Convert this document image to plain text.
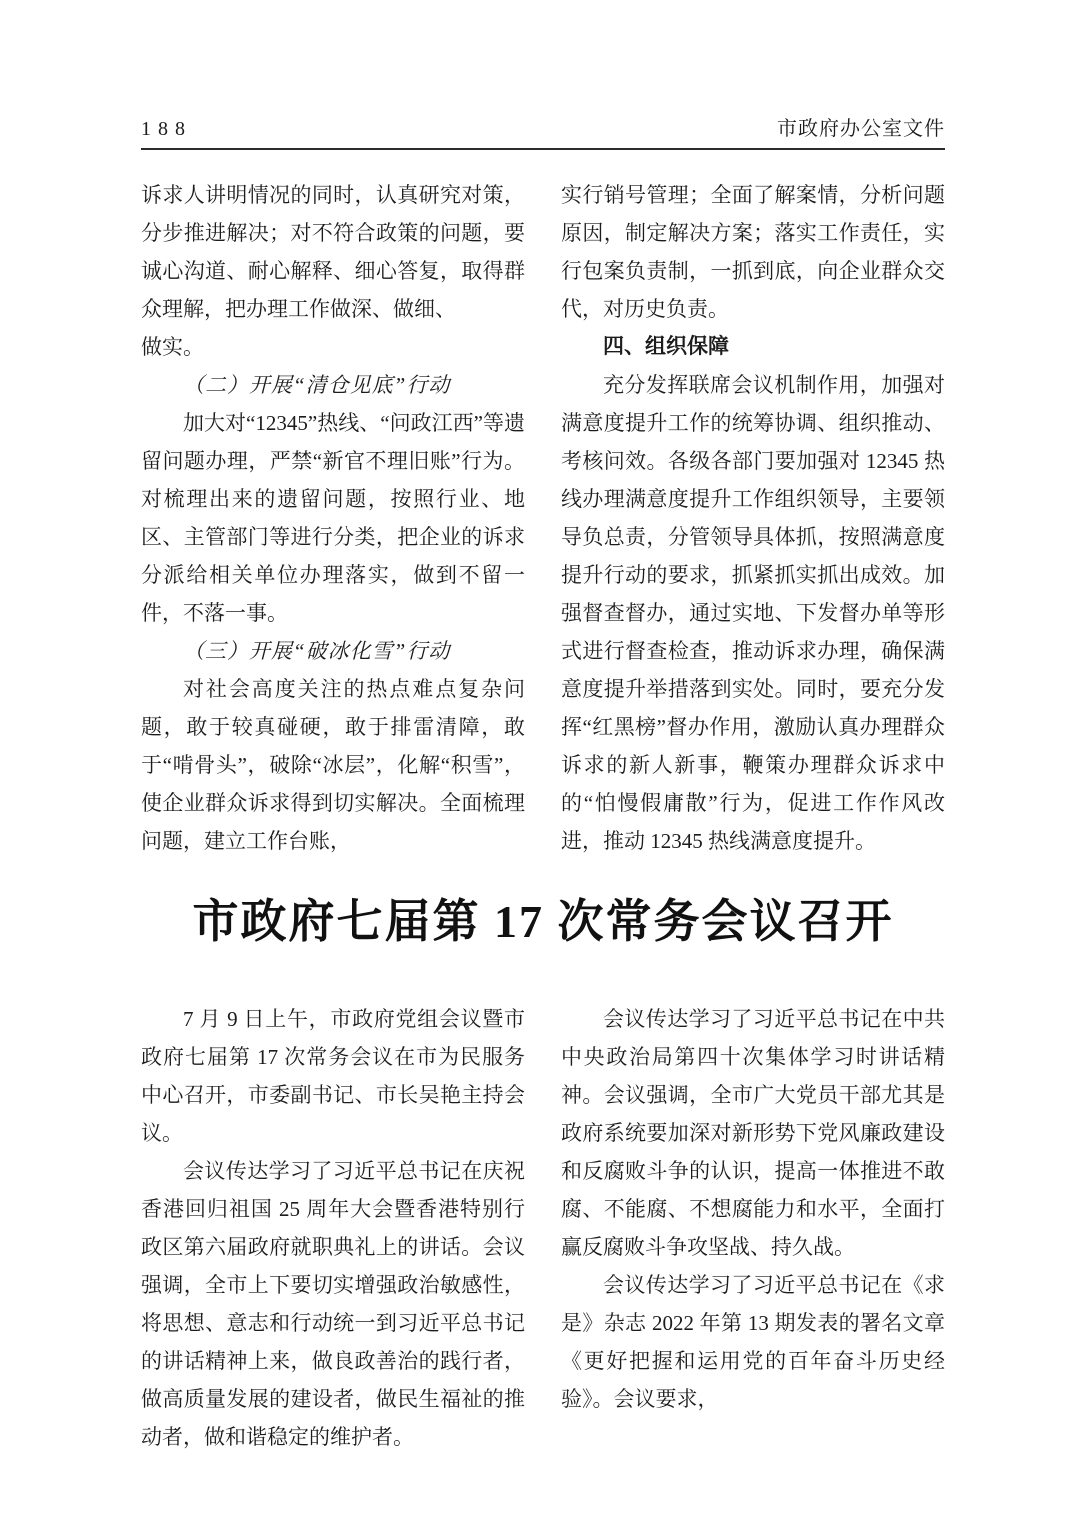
1 8 8	市政府办公室文件

诉求人讲明情况的同时，认真研究对策，分步推进解决；对不符合政策的问题，要诚心沟道、耐心解释、细心答复，取得群众理解，把办理工作做深、做细、

做实。

（二）开展“清仓见底”行动

加大对“12345”热线、“问政江西”等遗留问题办理，严禁“新官不理旧账”行为。对梳理出来的遗留问题，按照行业、地区、主管部门等进行分类，把企业的诉求分派给相关单位办理落实，做到不留一件，不落一事。

（三）开展“破冰化雪”行动

对社会高度关注的热点难点复杂问题，敢于较真碰硬，敢于排雷清障，敢于“啃骨头”，破除“冰层”，化解“积雪”，使企业群众诉求得到切实解决。全面梳理问题，建立工作台账，

实行销号管理；全面了解案情，分析问题原因，制定解决方案；落实工作责任，实行包案负责制，一抓到底，向企业群众交代，对历史负责。

四、组织保障

充分发挥联席会议机制作用，加强对满意度提升工作的统筹协调、组织推动、考核问效。各级各部门要加强对 12345 热线办理满意度提升工作组织领导，主要领导负总责，分管领导具体抓，按照满意度提升行动的要求，抓紧抓实抓出成效。加强督查督办，通过实地、下发督办单等形式进行督查检查，推动诉求办理，确保满意度提升举措落到实处。同时，要充分发挥“红黑榜”督办作用，激励认真办理群众诉求的新人新事，鞭策办理群众诉求中的“怕慢假庸散”行为，促进工作作风改进，推动 12345 热线满意度提升。

市政府七届第 17 次常务会议召开

7 月 9 日上午，市政府党组会议暨市政府七届第 17 次常务会议在市为民服务中心召开，市委副书记、市长吴艳主持会议。

会议传达学习了习近平总书记在庆祝香港回归祖国 25 周年大会暨香港特别行政区第六届政府就职典礼上的讲话。会议强调，全市上下要切实增强政治敏感性，将思想、意志和行动统一到习近平总书记的讲话精神上来，做良政善治的践行者，做高质量发展的建设者，做民生福祉的推动者，做和谐稳定的维护者。

会议传达学习了习近平总书记在中共中央政治局第四十次集体学习时讲话精神。会议强调，全市广大党员干部尤其是政府系统要加深对新形势下党风廉政建设和反腐败斗争的认识，提高一体推进不敢腐、不能腐、不想腐能力和水平，全面打赢反腐败斗争攻坚战、持久战。

会议传达学习了习近平总书记在《求是》杂志 2022 年第 13 期发表的署名文章《更好把握和运用党的百年奋斗历史经验》。会议要求，
